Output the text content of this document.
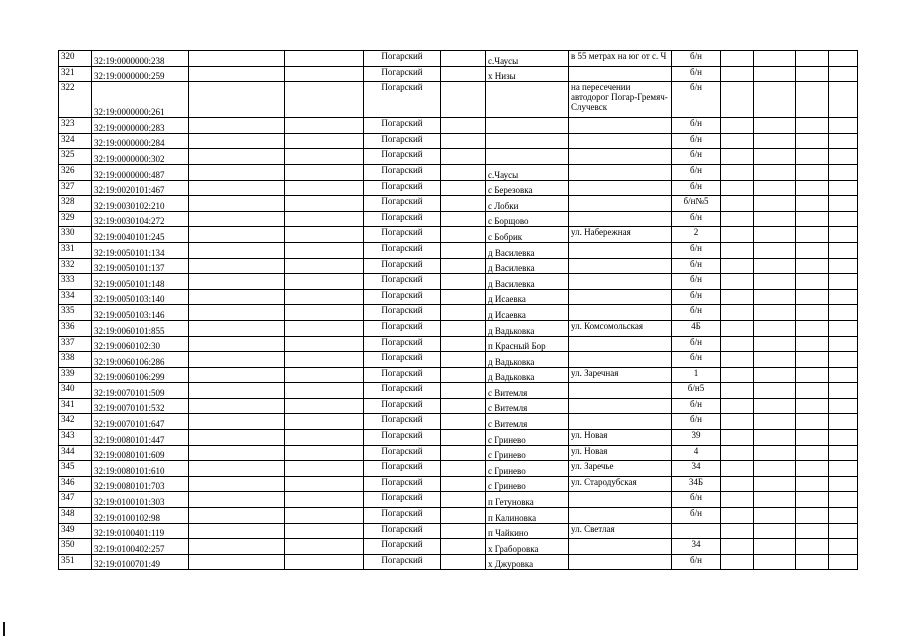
320	32:19:0000000:238			Погарский		с.Чаусы	в 55 метрах на юг от с. Ч	б/н				
321	32:19:0000000:259			Погарский		х Низы		б/н				
322	32:19:0000000:261			Погарский			на пересечении автодорог Погар-Гремяч-Случевск	б/н				
323	32:19:0000000:283			Погарский				б/н				
324	32:19:0000000:284			Погарский				б/н				
325	32:19:0000000:302			Погарский				б/н				
326	32:19:0000000:487			Погарский		с.Чаусы		б/н				
327	32:19:0020101:467			Погарский		с Березовка		б/н				
328	32:19:0030102:210			Погарский		с Лобки		б/н№5				
329	32:19:0030104:272			Погарский		с Борщово		б/н				
330	32:19:0040101:245			Погарский		с Бобрик	ул. Набережная	2				
331	32:19:0050101:134			Погарский		д Василевка		б/н				
332	32:19:0050101:137			Погарский		д Василевка		б/н				
333	32:19:0050101:148			Погарский		д Василевка		б/н				
334	32:19:0050103:140			Погарский		д Исаевка		б/н				
335	32:19:0050103:146			Погарский		д Исаевка		б/н				
336	32:19:0060101:855			Погарский		д Вадьковка	ул. Комсомольская	4Б				
337	32:19:0060102:30			Погарский		п Красный Бор		б/н				
338	32:19:0060106:286			Погарский		д Вадьковка		б/н				
339	32:19:0060106:299			Погарский		д Вадьковка	ул. Заречная	1				
340	32:19:0070101:509			Погарский		с Витемля		б/н5				
341	32:19:0070101:532			Погарский		с Витемля		б/н				
342	32:19:0070101:647			Погарский		с Витемля		б/н				
343	32:19:0080101:447			Погарский		с Гринево	ул. Новая	39				
344	32:19:0080101:609			Погарский		с Гринево	ул. Новая	4				
345	32:19:0080101:610			Погарский		с Гринево	ул. Заречье	34				
346	32:19:0080101:703			Погарский		с Гринево	ул. Стародубская	34Б				
347	32:19:0100101:303			Погарский		п Гетуновка		б/н				
348	32:19:0100102:98			Погарский		п Калиновка		б/н				
349	32:19:0100401:119			Погарский		п Чайкино	ул. Светлая					
350	32:19:0100402:257			Погарский		х Граборовка		34				
351	32:19:0100701:49			Погарский		х Джуровка		б/н				
